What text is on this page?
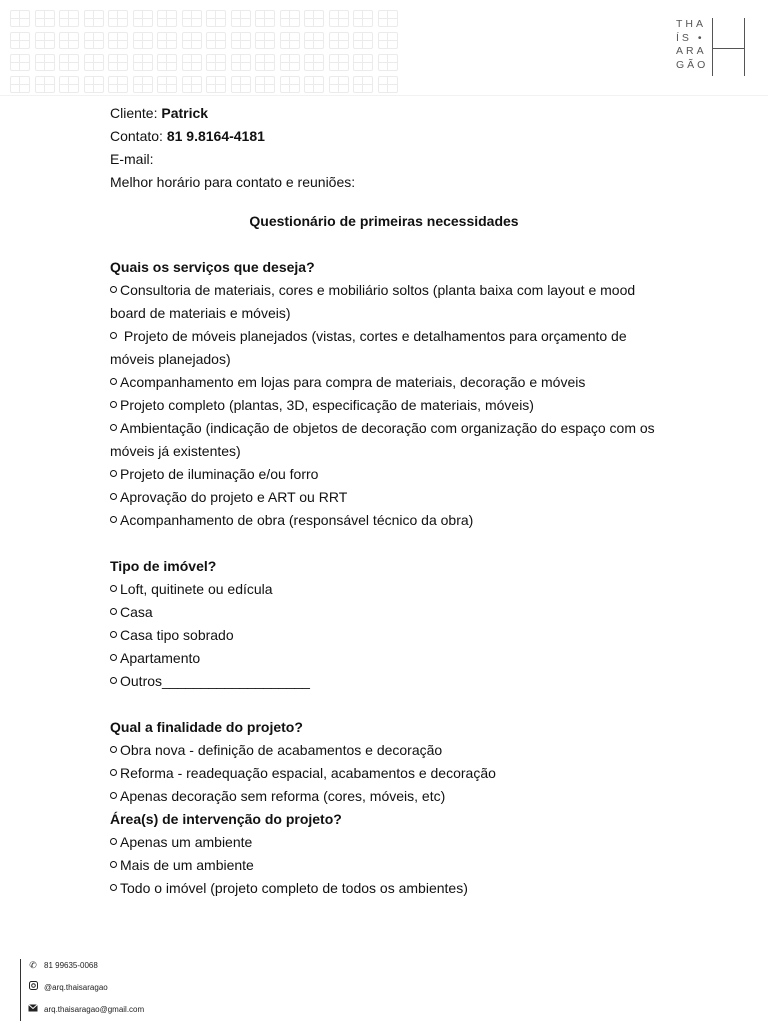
THA
ÍS •
ARA
GÃO
Cliente: Patrick
Contato: 81 9.8164-4181
E-mail:
Melhor horário para contato e reuniões:
Questionário de primeiras necessidades
Quais os serviços que deseja?
Consultoria de materiais, cores e mobiliário soltos (planta baixa com layout e mood board de materiais e móveis)
Projeto de móveis planejados (vistas, cortes e detalhamentos para orçamento de móveis planejados)
Acompanhamento em lojas para compra de materiais, decoração e móveis
Projeto completo (plantas, 3D, especificação de materiais, móveis)
Ambientação (indicação de objetos de decoração com organização do espaço com os móveis já existentes)
Projeto de iluminação e/ou forro
Aprovação do projeto e ART ou RRT
Acompanhamento de obra (responsável técnico da obra)
Tipo de imóvel?
Loft, quitinete ou edícula
Casa
Casa tipo sobrado
Apartamento
Outros___________________
Qual a finalidade do projeto?
Obra nova - definição de acabamentos e decoração
Reforma - readequação espacial, acabamentos e decoração
Apenas decoração sem reforma (cores, móveis, etc)
Área(s) de intervenção do projeto?
Apenas um ambiente
Mais de um ambiente
Todo o imóvel (projeto completo de todos os ambientes)
✆ 81 99635-0068
@arq.thaisaragao
arq.thaisaragao@gmail.com
